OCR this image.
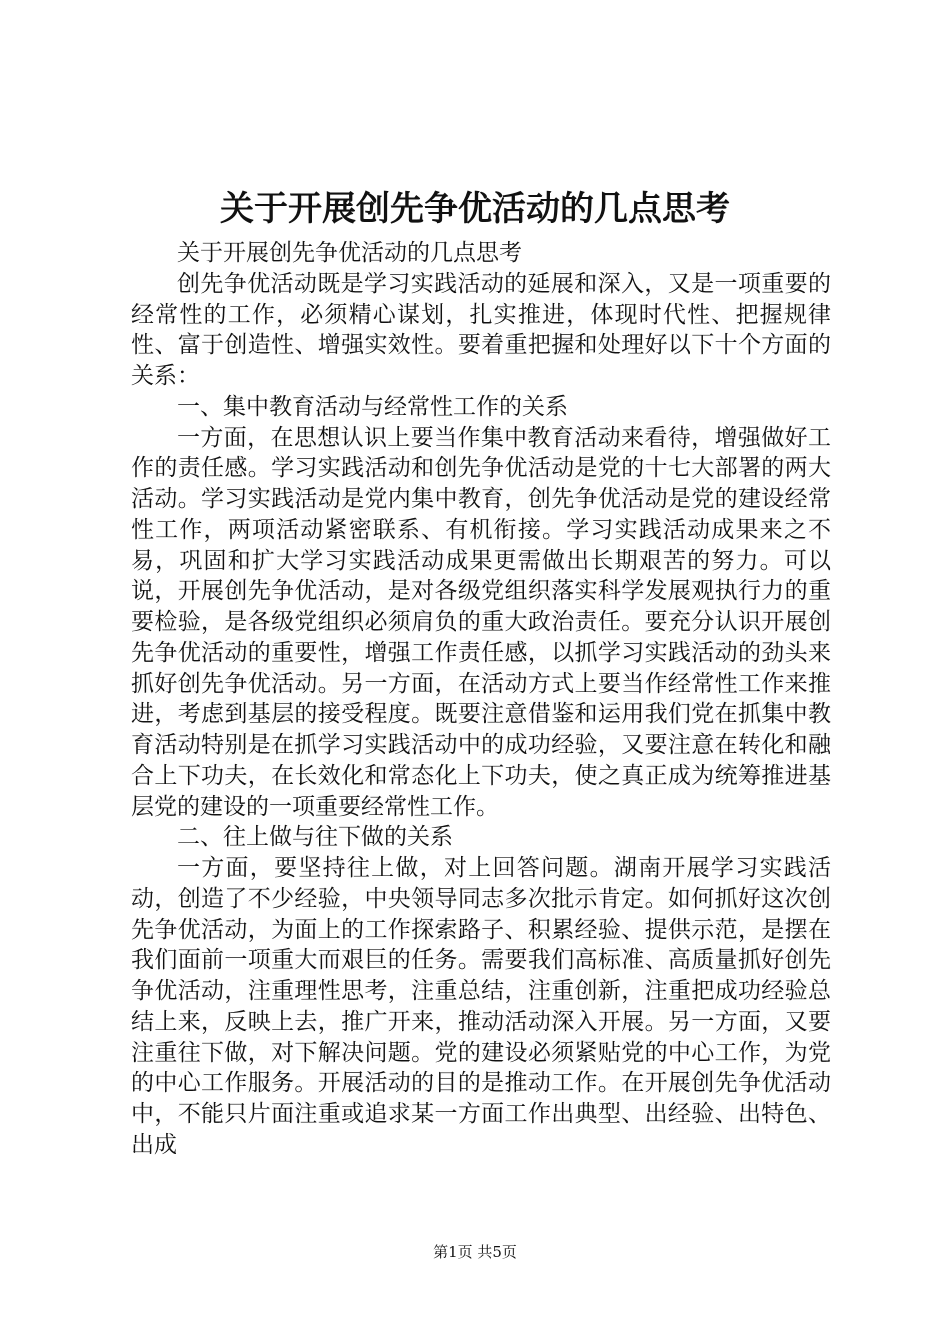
关于开展创先争优活动的几点思考

关于开展创先争优活动的几点思考

创先争优活动既是学习实践活动的延展和深入，又是一项重要的经常性的工作，必须精心谋划，扎实推进，体现时代性、把握规律性、富于创造性、增强实效性。要着重把握和处理好以下十个方面的关系：

一、集中教育活动与经常性工作的关系

一方面，在思想认识上要当作集中教育活动来看待，增强做好工作的责任感。学习实践活动和创先争优活动是党的十七大部署的两大活动。学习实践活动是党内集中教育，创先争优活动是党的建设经常性工作，两项活动紧密联系、有机衔接。学习实践活动成果来之不易，巩固和扩大学习实践活动成果更需做出长期艰苦的努力。可以说，开展创先争优活动，是对各级党组织落实科学发展观执行力的重要检验，是各级党组织必须肩负的重大政治责任。要充分认识开展创先争优活动的重要性，增强工作责任感，以抓学习实践活动的劲头来抓好创先争优活动。另一方面，在活动方式上要当作经常性工作来推进，考虑到基层的接受程度。既要注意借鉴和运用我们党在抓集中教育活动特别是在抓学习实践活动中的成功经验，又要注意在转化和融合上下功夫，在长效化和常态化上下功夫，使之真正成为统筹推进基层党的建设的一项重要经常性工作。

二、往上做与往下做的关系

一方面，要坚持往上做，对上回答问题。湖南开展学习实践活动，创造了不少经验，中央领导同志多次批示肯定。如何抓好这次创先争优活动，为面上的工作探索路子、积累经验、提供示范，是摆在我们面前一项重大而艰巨的任务。需要我们高标准、高质量抓好创先争优活动，注重理性思考，注重总结，注重创新，注重把成功经验总结上来，反映上去，推广开来，推动活动深入开展。另一方面，又要注重往下做，对下解决问题。党的建设必须紧贴党的中心工作，为党的中心工作服务。开展活动的目的是推动工作。在开展创先争优活动中，不能只片面注重或追求某一方面工作出典型、出经验、出特色、出成

第1页 共5页
